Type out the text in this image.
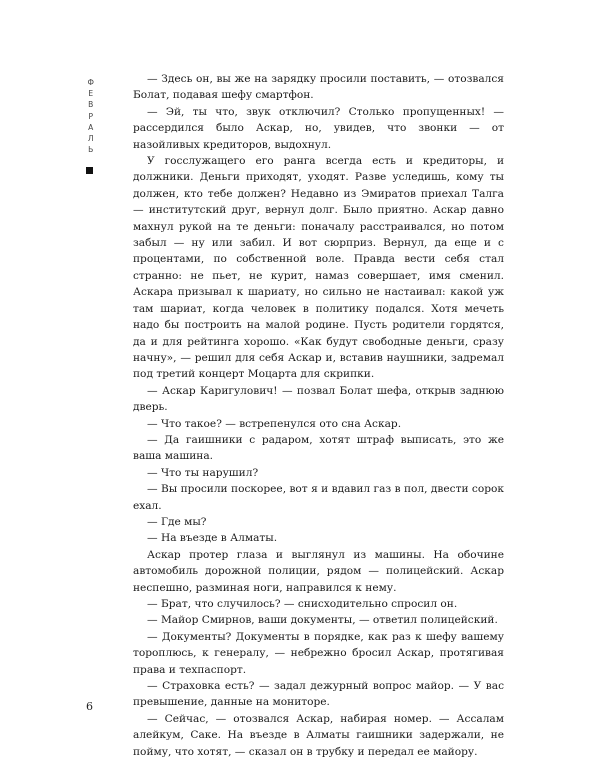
Ф
Е
В
Р
А
Л
Ь

— Здесь он, вы же на зарядку просили поставить, — отозвался Болат, подавая шефу смартфон.

— Эй, ты что, звук отключил? Столько пропущенных! — рассердился было Аскар, но, увидев, что звонки — от назойливых кредиторов, выдохнул.

У госслужащего его ранга всегда есть и кредиторы, и должники. Деньги приходят, уходят. Разве уследишь, кому ты должен, кто тебе должен? Недавно из Эмиратов приехал Талга — институтский друг, вернул долг. Было приятно. Аскар давно махнул рукой на те деньги: поначалу расстраивался, но потом забыл — ну или забил. И вот сюрприз. Вернул, да еще и с процентами, по собственной воле. Правда вести себя стал странно: не пьет, не курит, намаз совершает, имя сменил. Аскара призывал к шариату, но сильно не настаивал: какой уж там шариат, когда человек в политику подался. Хотя мечеть надо бы построить на малой родине. Пусть родители гордятся, да и для рейтинга хорошо. «Как будут свободные деньги, сразу начну», — решил для себя Аскар и, вставив наушники, задремал под третий концерт Моцарта для скрипки.

— Аскар Каригулович! — позвал Болат шефа, открыв заднюю дверь.

— Что такое? — встрепенулся ото сна Аскар.

— Да гаишники с радаром, хотят штраф выписать, это же ваша машина.

— Что ты нарушил?

— Вы просили поскорее, вот я и вдавил газ в пол, двести сорок ехал.

— Где мы?

— На въезде в Алматы.

Аскар протер глаза и выглянул из машины. На обочине автомобиль дорожной полиции, рядом — полицейский. Аскар неспешно, разминая ноги, направился к нему.

— Брат, что случилось? — снисходительно спросил он.

— Майор Смирнов, ваши документы, — ответил полицейский.

— Документы? Документы в порядке, как раз к шефу вашему тороплюсь, к генералу, — небрежно бросил Аскар, протягивая права и техпаспорт.

— Страховка есть? — задал дежурный вопрос майор. — У вас превышение, данные на мониторе.

— Сейчас, — отозвался Аскар, набирая номер. — Ассалам алейкум, Саке. На въезде в Алматы гаишники задержали, не пойму, что хотят, — сказал он в трубку и передал ее майору.

6
